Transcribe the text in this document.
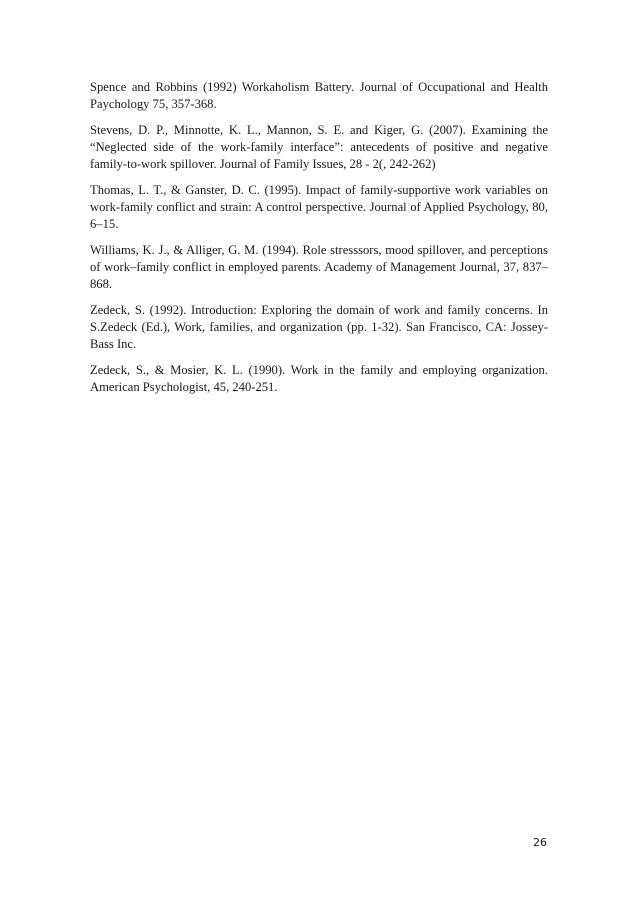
Spence and Robbins (1992) Workaholism Battery. Journal of Occupational and Health Paychology 75, 357-368.

Stevens, D. P., Minnotte, K. L., Mannon, S. E. and Kiger, G. (2007). Examining the “Neglected side of the work-family interface”: antecedents of positive and negative family-to-work spillover. Journal of Family Issues, 28 - 2(, 242-262)

Thomas, L. T., & Ganster, D. C. (1995). Impact of family-supportive work variables on work-family conflict and strain: A control perspective. Journal of Applied Psychology, 80, 6–15.

Williams, K. J., & Alliger, G. M. (1994). Role stresssors, mood spillover, and perceptions of work–family conflict in employed parents. Academy of Management Journal, 37, 837–868.

Zedeck, S. (1992). Introduction: Exploring the domain of work and family concerns. In S.Zedeck (Ed.), Work, families, and organization (pp. 1-32). San Francisco, CA: Jossey-Bass Inc.

Zedeck, S., & Mosier, K. L. (1990). Work in the family and employing organization. American Psychologist, 45, 240-251.

26
